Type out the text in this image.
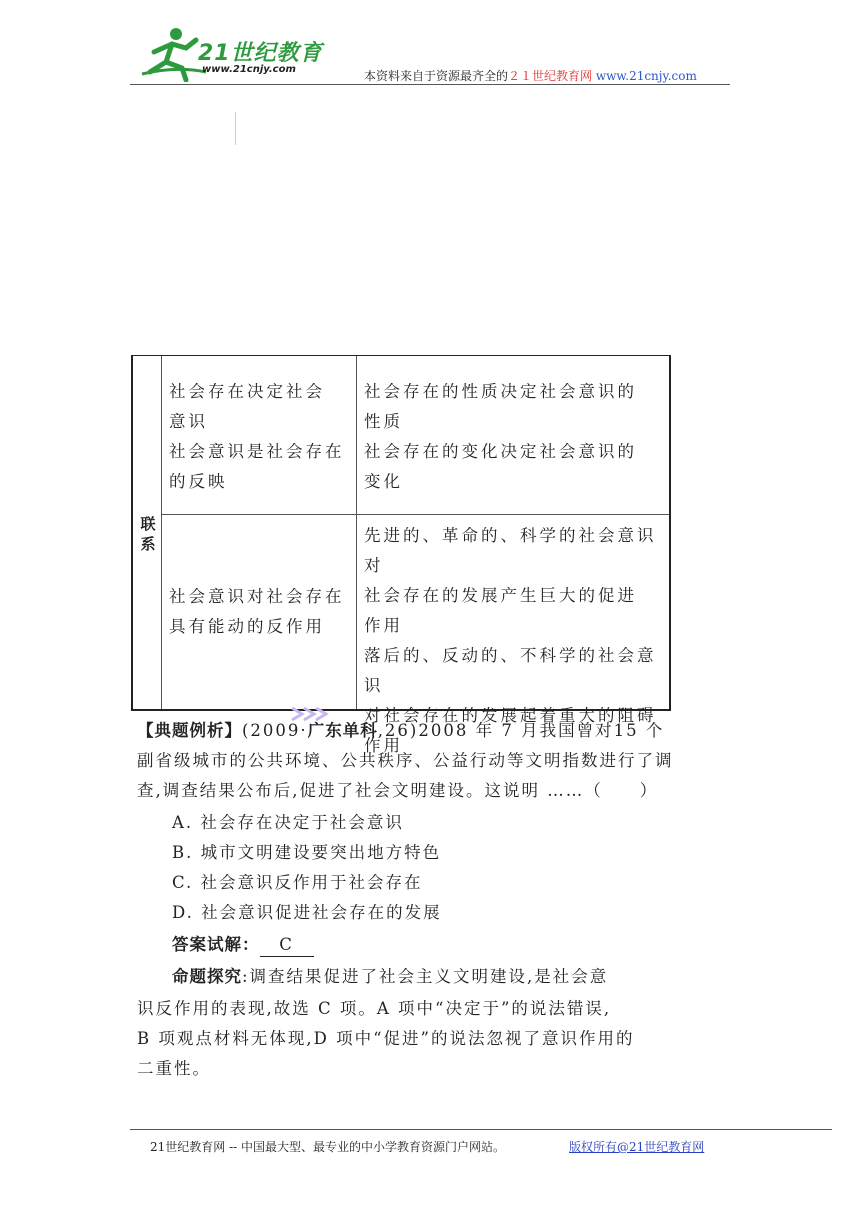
21世纪教育
www.21cnjy.com	本资料来自于资源最齐全的２１世纪教育网 www.21cnjy.com
联系
社会存在决定社会
意识
社会意识是社会存在
的反映
社会存在的性质决定社会意识的
性质
社会存在的变化决定社会意识的
变化
社会意识对社会存在
具有能动的反作用
先进的、革命的、科学的社会意识对
社会存在的发展产生巨大的促进
作用
落后的、反动的、不科学的社会意识
对社会存在的发展起着重大的阻碍
作用
【典题例析】(2009·广东单科,26)2008 年 7 月我国曾对15 个
副省级城市的公共环境、公共秩序、公益行动等文明指数进行了调
查,调查结果公布后,促进了社会文明建设。这说明 ……（　　）
A. 社会存在决定于社会意识
B. 城市文明建设要突出地方特色
C. 社会意识反作用于社会存在
D. 社会意识促进社会存在的发展
答案试解： C
命题探究:调查结果促进了社会主义文明建设,是社会意
识反作用的表现,故选 C 项。A 项中“决定于”的说法错误,
B 项观点材料无体现,D 项中“促进”的说法忽视了意识作用的
二重性。
21世纪教育网 -- 中国最大型、最专业的中小学教育资源门户网站。	版权所有@21世纪教育网
